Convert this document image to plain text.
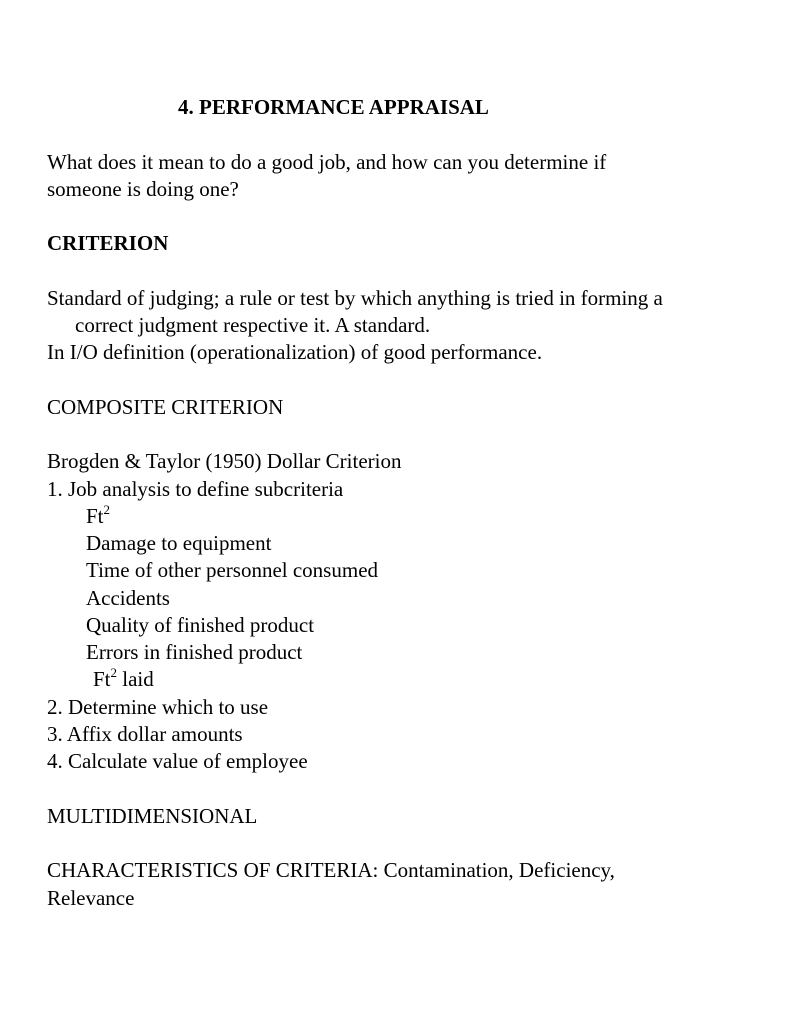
4. PERFORMANCE APPRAISAL
What does it mean to do a good job, and how can you determine if
someone is doing one?
CRITERION
Standard of judging; a rule or test by which anything is tried in forming a
correct judgment respective it. A standard.
In I/O definition (operationalization) of good performance.
COMPOSITE CRITERION
Brogden & Taylor (1950) Dollar Criterion
1. Job analysis to define subcriteria
Ft$^2$
Damage to equipment
Time of other personnel consumed
Accidents
Quality of finished product
Errors in finished product
Ft$^2$ laid
2. Determine which to use
3. Affix dollar amounts
4. Calculate value of employee
MULTIDIMENSIONAL
CHARACTERISTICS OF CRITERIA: Contamination, Deficiency,
Relevance
